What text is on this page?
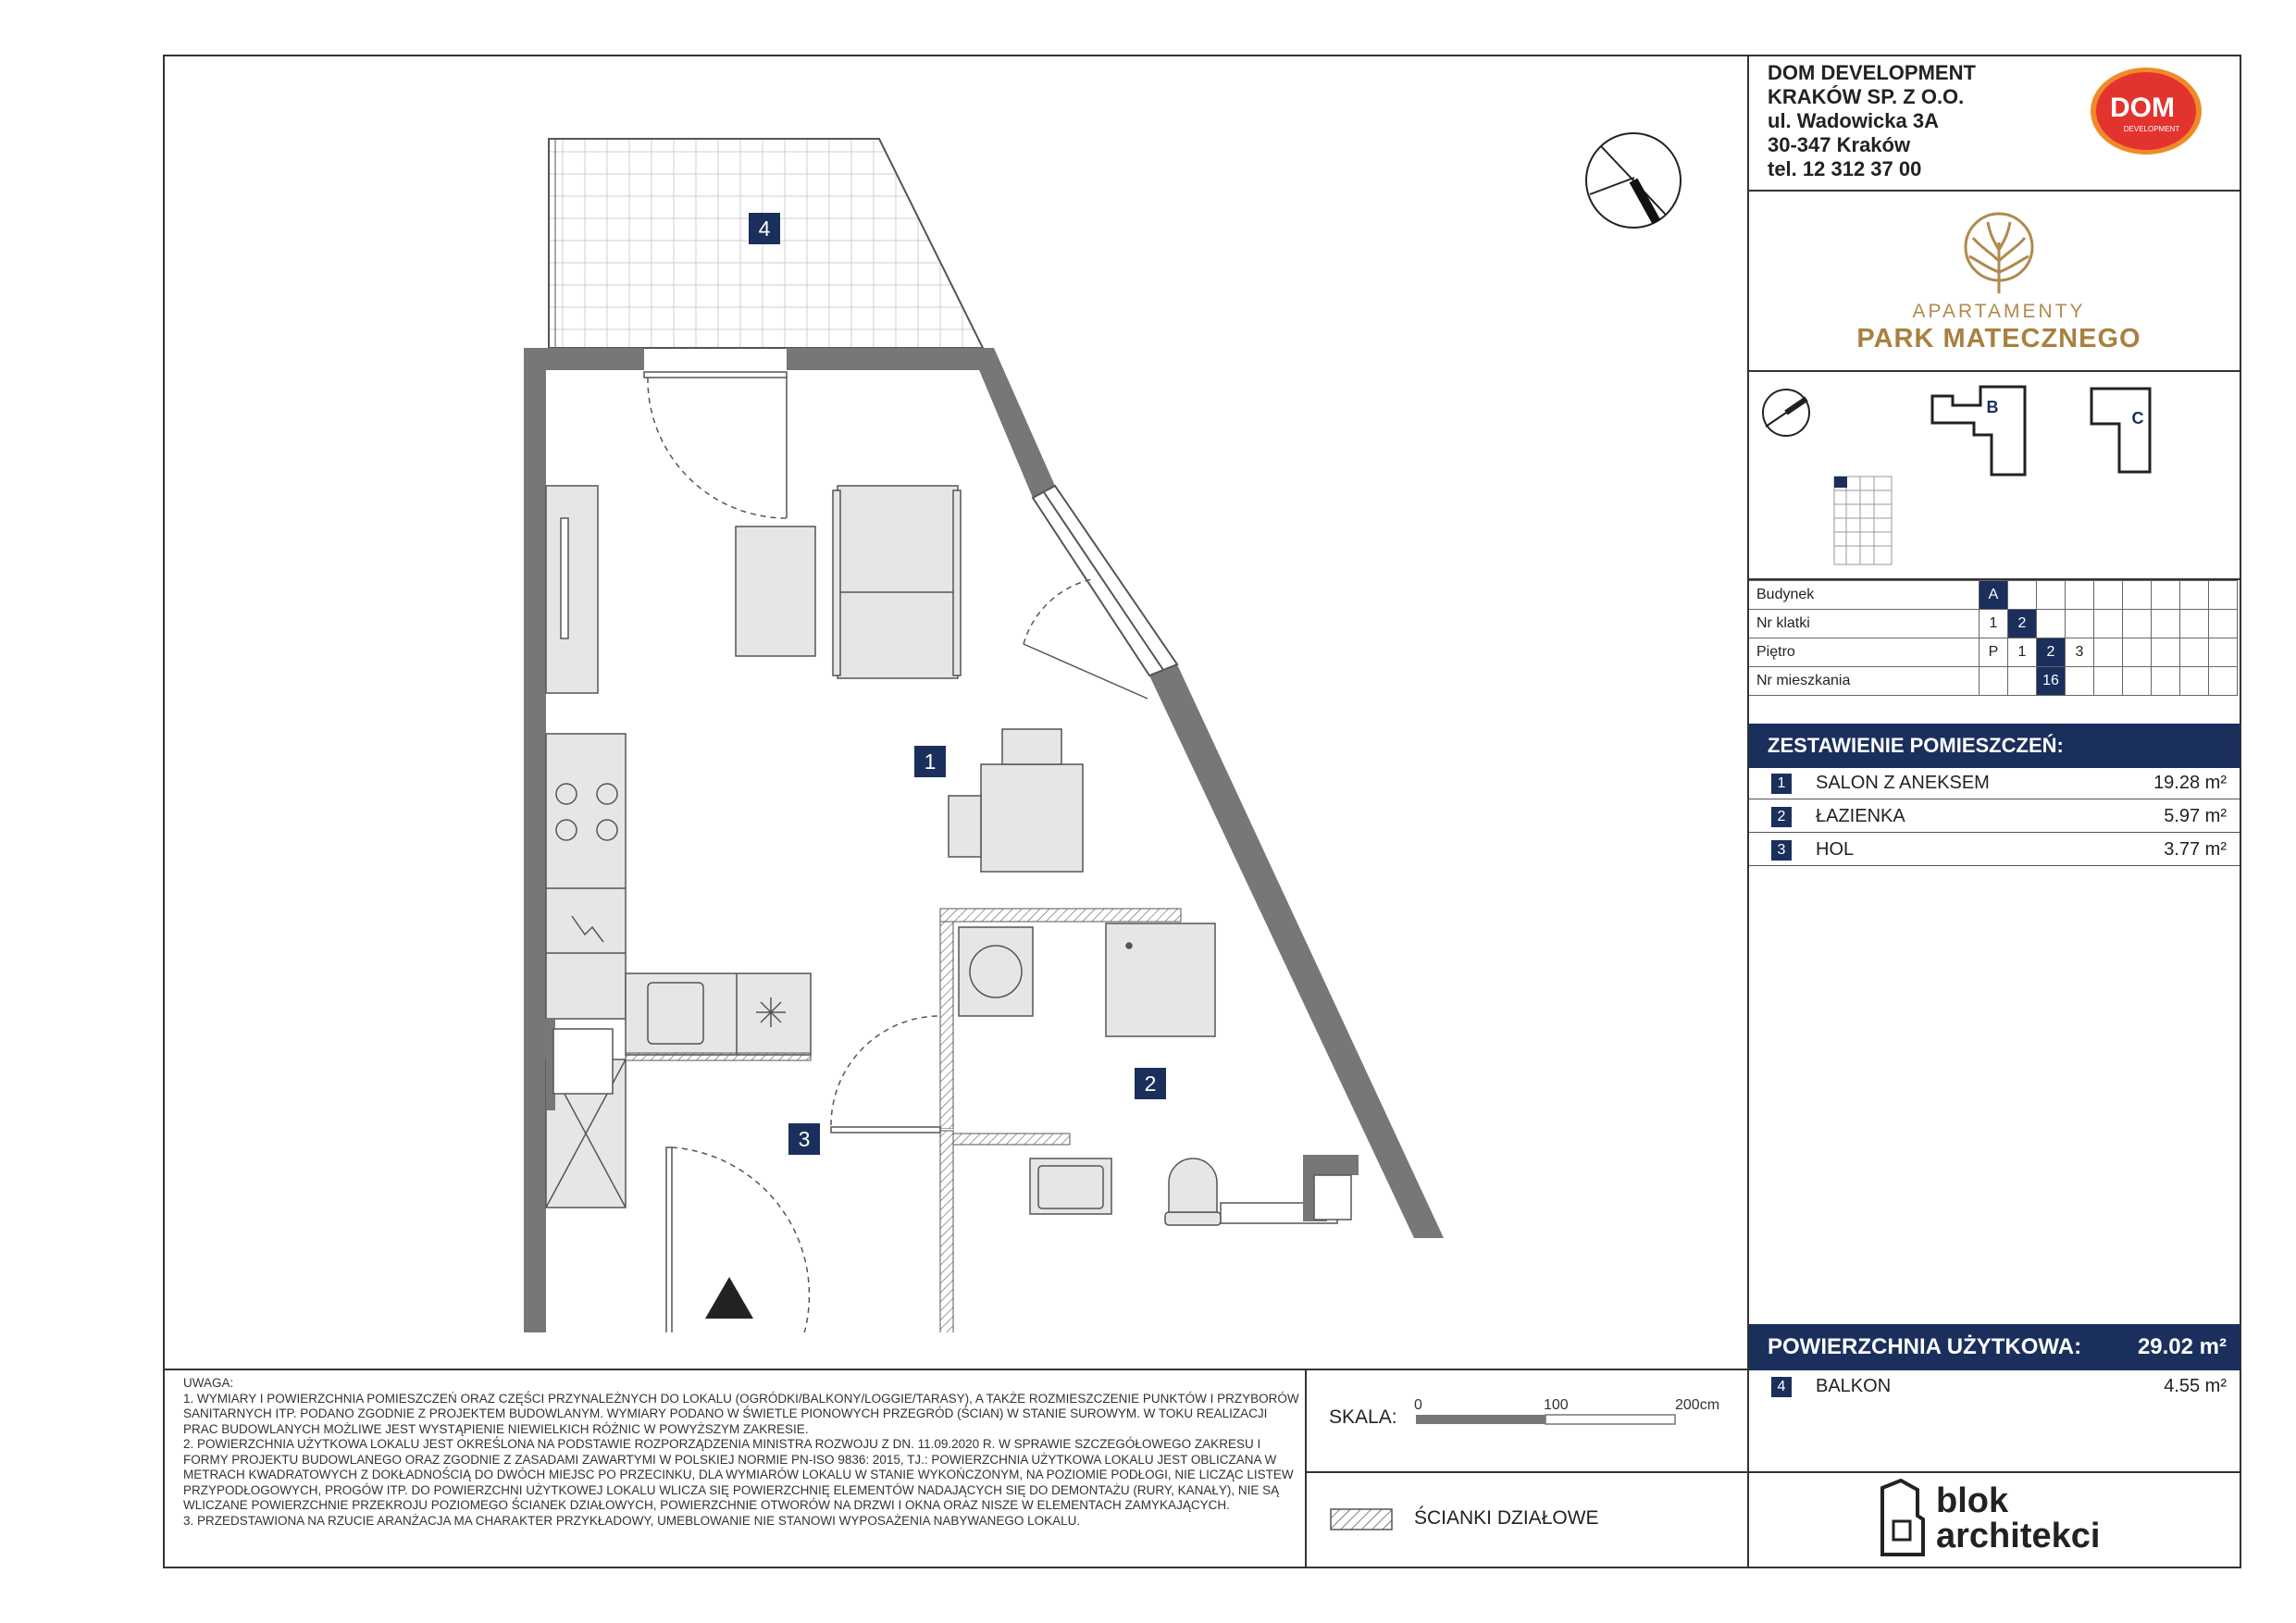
DOM DEVELOPMENT
KRAKÓW SP. Z O.O.
ul. Wadowicka 3A
30-347 Kraków
tel. 12 312 37 00
DOM
DEVELOPMENT
APARTAMENTY
PARK MATECZNEGO
B
C
Budynek	A								
Nr klatki	1	2							
Piętro	P	1	2	3					
Nr mieszkania			16						
ZESTAWIENIE POMIESZCZEŃ:
1	SALON Z ANEKSEM	19.28 m²
2	ŁAZIENKA	5.97 m²
3	HOL	3.77 m²
POWIERZCHNIA UŻYTKOWA:	29.02 m²
4	BALKON	4.55 m²

UWAGA:

1. WYMIARY I POWIERZCHNIA POMIESZCZEŃ ORAZ CZĘŚCI PRZYNALEŻNYCH DO LOKALU (OGRÓDKI/BALKONY/LOGGIE/TARASY), A TAKŻE ROZMIESZCZENIE PUNKTÓW I PRZYBORÓW SANITARNYCH ITP. PODANO ZGODNIE Z PROJEKTEM BUDOWLANYM. WYMIARY PODANO W ŚWIETLE PIONOWYCH PRZEGRÓD (ŚCIAN) W STANIE SUROWYM. W TOKU REALIZACJI PRAC BUDOWLANYCH MOŻLIWE JEST WYSTĄPIENIE NIEWIELKICH RÓŻNIC W POWYŻSZYM ZAKRESIE.

2. POWIERZCHNIA UŻYTKOWA LOKALU JEST OKREŚLONA NA PODSTAWIE ROZPORZĄDZENIA MINISTRA ROZWOJU Z DN. 11.09.2020 R. W SPRAWIE SZCZEGÓŁOWEGO ZAKRESU I FORMY PROJEKTU BUDOWLANEGO ORAZ ZGODNIE Z ZASADAMI ZAWARTYMI W POLSKIEJ NORMIE PN-ISO 9836: 2015, TJ.: POWIERZCHNIA UŻYTKOWA LOKALU JEST OBLICZANA W METRACH KWADRATOWYCH Z DOKŁADNOŚCIĄ DO DWÓCH MIEJSC PO PRZECINKU, DLA WYMIARÓW LOKALU W STANIE WYKOŃCZONYM, NA POZIOMIE PODŁOGI, NIE LICZĄC LISTEW PRZYPODŁOGOWYCH, PROGÓW ITP. DO POWIERZCHNI UŻYTKOWEJ LOKALU WLICZA SIĘ POWIERZCHNIĘ ELEMENTÓW NADAJĄCYCH SIĘ DO DEMONTAŻU (RURY, KANAŁY), NIE SĄ WLICZANE POWIERZCHNIE PRZEKROJU POZIOMEGO ŚCIANEK DZIAŁOWYCH, POWIERZCHNIE OTWORÓW NA DRZWI I OKNA ORAZ NISZE W ELEMENTACH ZAMYKAJĄCYCH.

3. PRZEDSTAWIONA NA RZUCIE ARANŻACJA MA CHARAKTER PRZYKŁADOWY, UMEBLOWANIE NIE STANOWI WYPOSAŻENIA NABYWANEGO LOKALU.

SKALA:
0	100	200cm
ŚCIANKI DZIAŁOWE	blok
architekci
4
1
2
3
